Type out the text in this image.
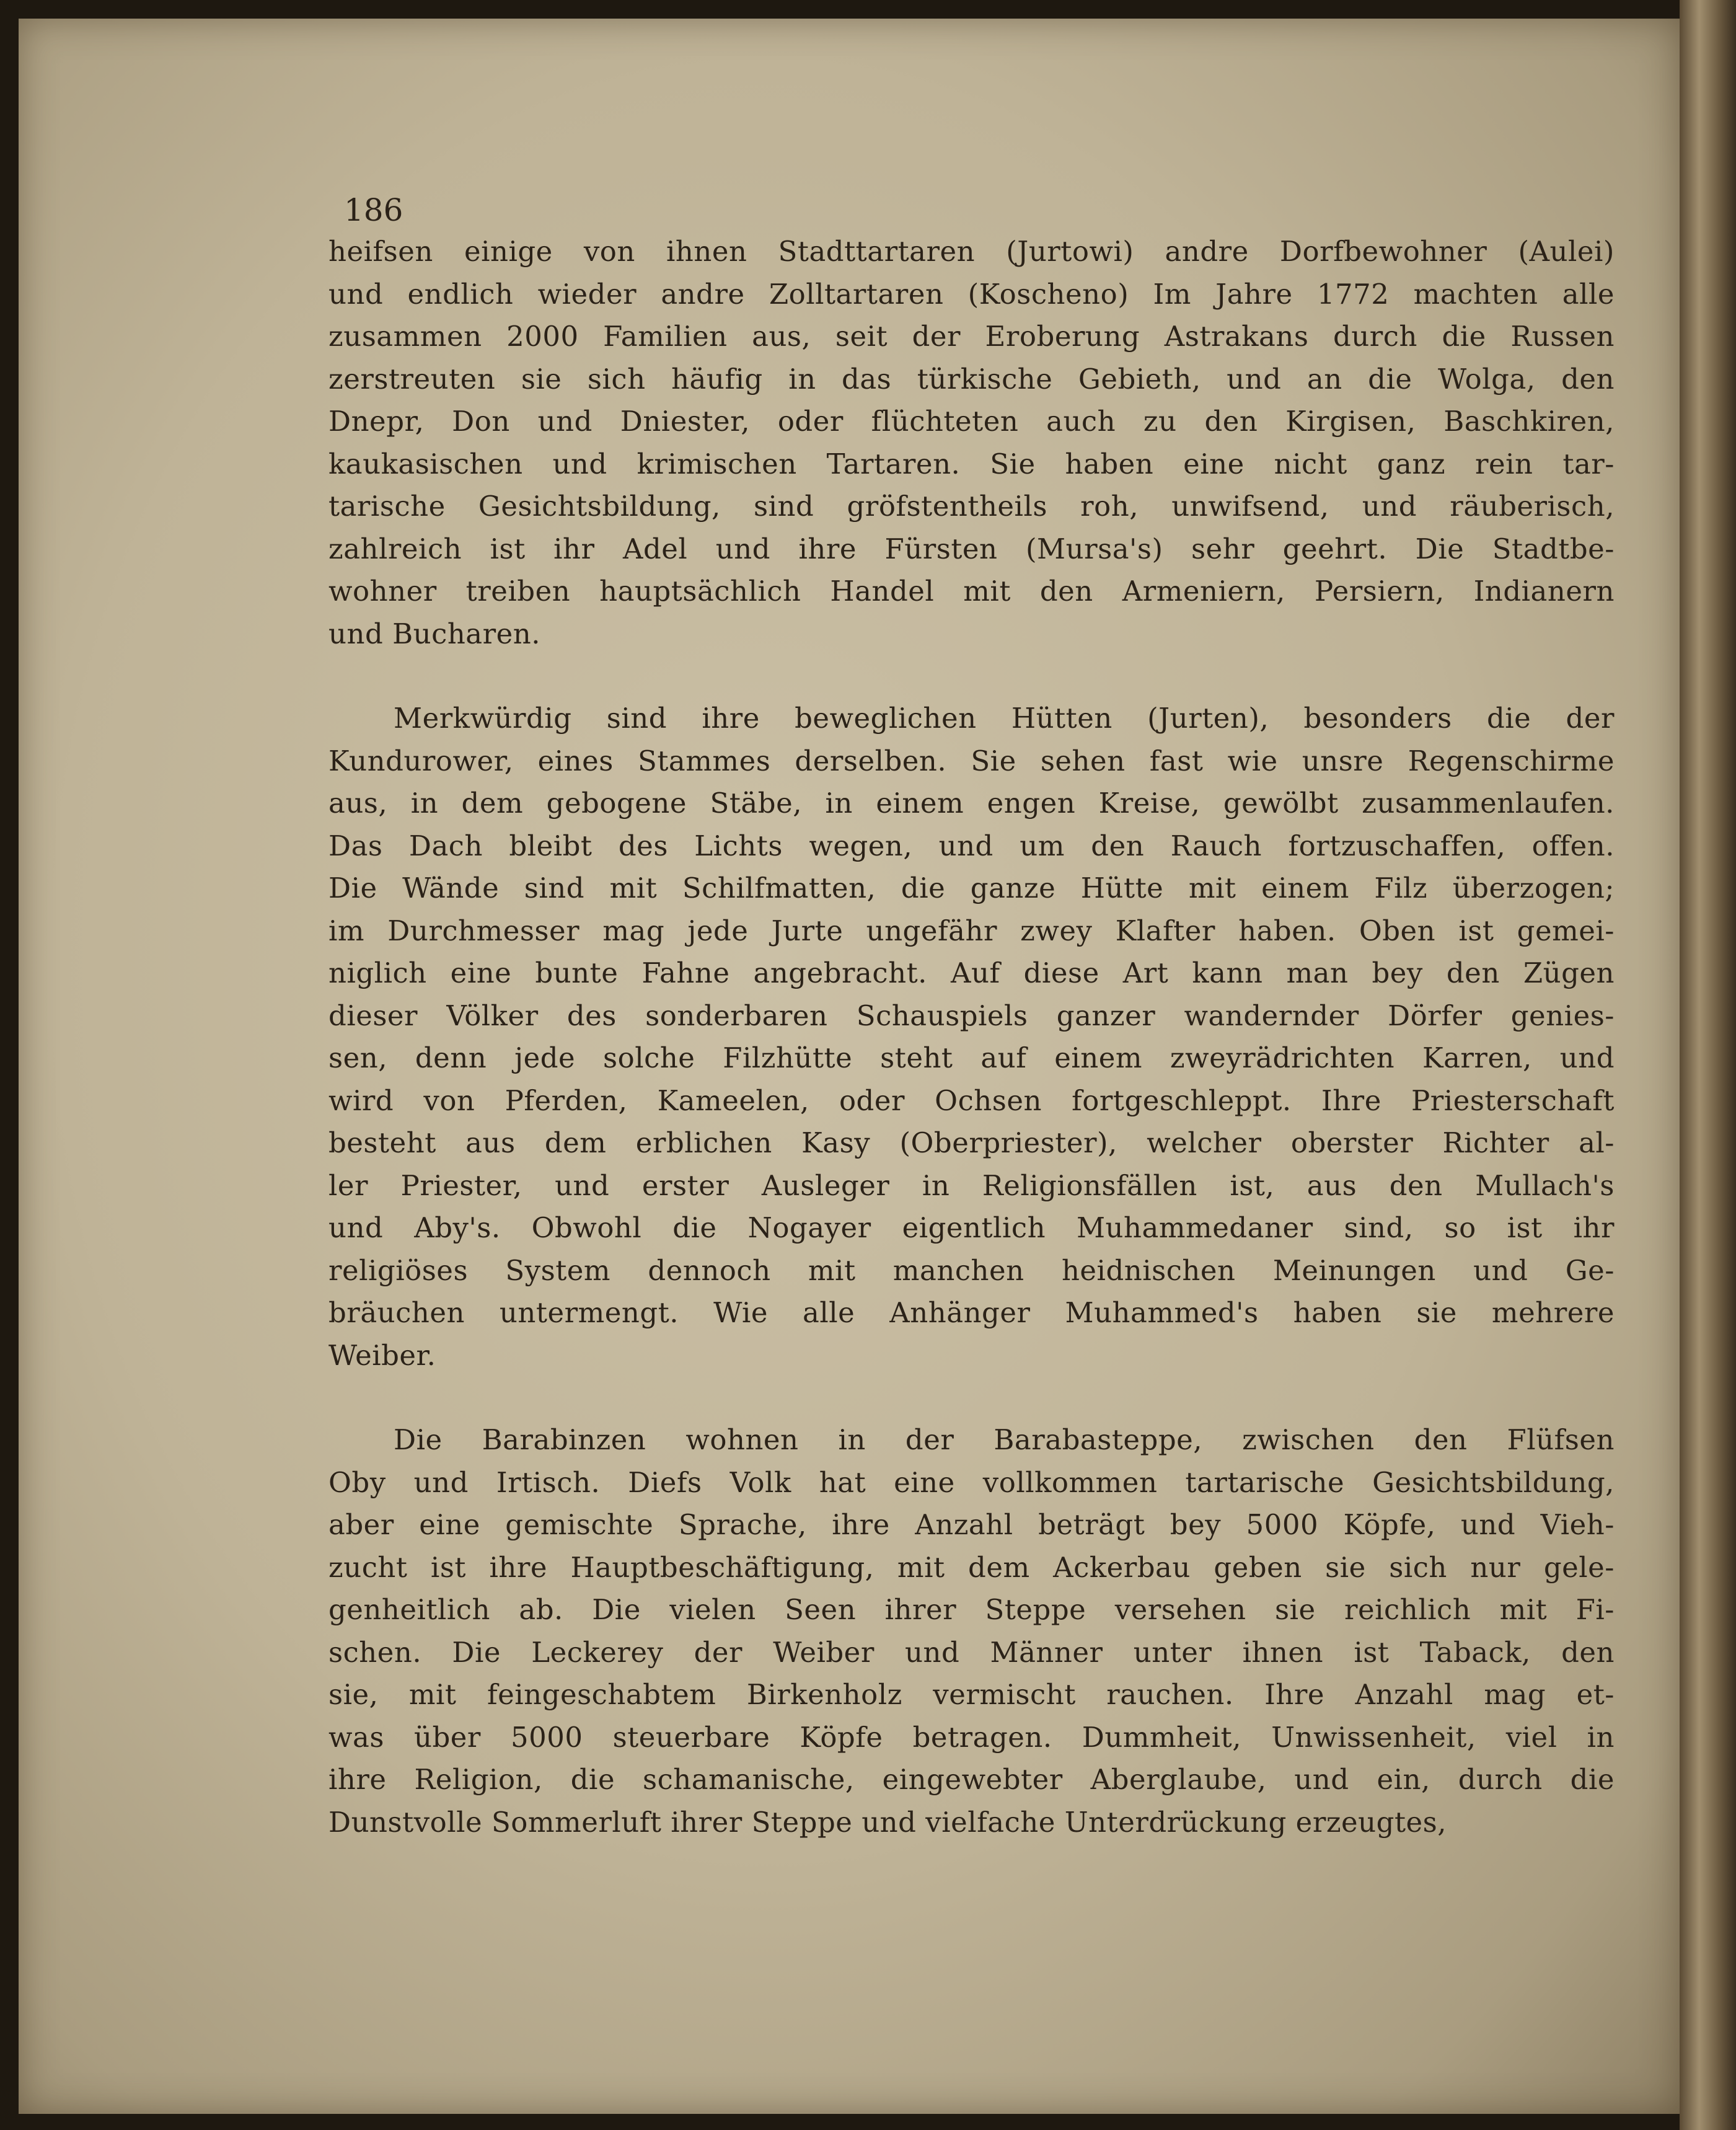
186
heifsen einige von ihnen Stadttartaren (Jurtowi) andre Dorfbewohner (Aulei)
und endlich wieder andre Zolltartaren (Koscheno) Im Jahre 1772 machten alle
zusammen 2000 Familien aus, seit der Eroberung Astrakans durch die Russen
zerstreuten sie sich häufig in das türkische Gebieth, und an die Wolga, den
Dnepr, Don und Dniester, oder flüchteten auch zu den Kirgisen, Baschkiren,
kaukasischen und krimischen Tartaren. Sie haben eine nicht ganz rein tar-
tarische Gesichtsbildung, sind gröfstentheils roh, unwifsend, und räuberisch,
zahlreich ist ihr Adel und ihre Fürsten (Mursa's) sehr geehrt. Die Stadtbe-
wohner treiben hauptsächlich Handel mit den Armeniern, Persiern, Indianern
und Bucharen.
Merkwürdig sind ihre beweglichen Hütten (Jurten), besonders die der
Kundurower, eines Stammes derselben. Sie sehen fast wie unsre Regenschirme
aus, in dem gebogene Stäbe, in einem engen Kreise, gewölbt zusammenlaufen.
Das Dach bleibt des Lichts wegen, und um den Rauch fortzuschaffen, offen.
Die Wände sind mit Schilfmatten, die ganze Hütte mit einem Filz überzogen;
im Durchmesser mag jede Jurte ungefähr zwey Klafter haben. Oben ist gemei-
niglich eine bunte Fahne angebracht. Auf diese Art kann man bey den Zügen
dieser Völker des sonderbaren Schauspiels ganzer wandernder Dörfer genies-
sen, denn jede solche Filzhütte steht auf einem zweyrädrichten Karren, und
wird von Pferden, Kameelen, oder Ochsen fortgeschleppt. Ihre Priesterschaft
besteht aus dem erblichen Kasy (Oberpriester), welcher oberster Richter al-
ler Priester, und erster Ausleger in Religionsfällen ist, aus den Mullach's
und Aby's. Obwohl die Nogayer eigentlich Muhammedaner sind, so ist ihr
religiöses System dennoch mit manchen heidnischen Meinungen und Ge-
bräuchen untermengt. Wie alle Anhänger Muhammed's haben sie mehrere
Weiber.
Die Barabinzen wohnen in der Barabasteppe, zwischen den Flüfsen
Oby und Irtisch. Diefs Volk hat eine vollkommen tartarische Gesichtsbildung,
aber eine gemischte Sprache, ihre Anzahl beträgt bey 5000 Köpfe, und Vieh-
zucht ist ihre Hauptbeschäftigung, mit dem Ackerbau geben sie sich nur gele-
genheitlich ab. Die vielen Seen ihrer Steppe versehen sie reichlich mit Fi-
schen. Die Leckerey der Weiber und Männer unter ihnen ist Taback, den
sie, mit feingeschabtem Birkenholz vermischt rauchen. Ihre Anzahl mag et-
was über 5000 steuerbare Köpfe betragen. Dummheit, Unwissenheit, viel in
ihre Religion, die schamanische, eingewebter Aberglaube, und ein, durch die
Dunstvolle Sommerluft ihrer Steppe und vielfache Unterdrückung erzeugtes,
